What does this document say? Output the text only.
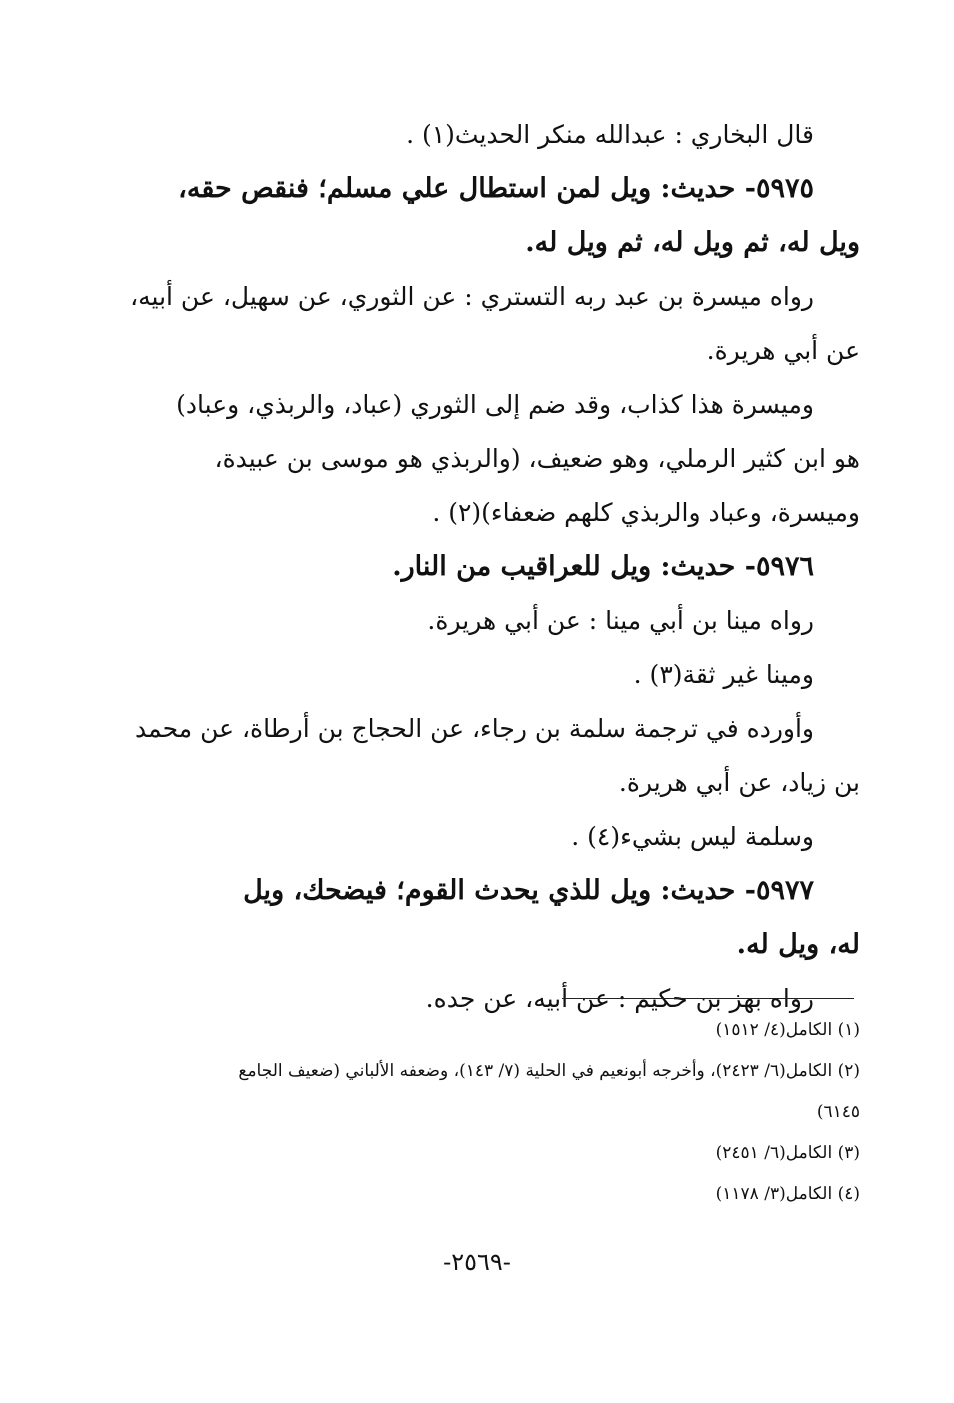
قال البخاري : عبدالله منكر الحديث(١) .
٥٩٧٥- حديث: ويل لمن استطال علي مسلم؛ فنقص حقه،
ويل له، ثم ويل له، ثم ويل له.
رواه ميسرة بن عبد ربه التستري : عن الثوري، عن سهيل، عن أبيه،
عن أبي هريرة.
وميسرة هذا كذاب، وقد ضم إلى الثوري (عباد، والربذي، وعباد)
هو ابن كثير الرملي، وهو ضعيف، (والربذي هو موسى بن عبيدة،
وميسرة، وعباد والربذي كلهم ضعفاء)(٢) .
٥٩٧٦- حديث: ويل للعراقيب من النار.
رواه مينا بن أبي مينا : عن أبي هريرة.
ومينا غير ثقة(٣) .
وأورده في ترجمة سلمة بن رجاء، عن الحجاج بن أرطاة، عن محمد
بن زياد، عن أبي هريرة.
وسلمة ليس بشيء(٤) .
٥٩٧٧- حديث: ويل للذي يحدث القوم؛ فيضحك، ويل
له، ويل له.
رواه بهز بن حكيم : عن أبيه، عن جده.
(١) الكامل(٤/ ١٥١٢)
(٢) الكامل(٦/ ٢٤٢٣)، وأخرجه أبونعيم في الحلية (٧/ ١٤٣)، وضعفه الألباني (ضعيف الجامع
٦١٤٥)
(٣) الكامل(٦/ ٢٤٥١)
(٤) الكامل(٣/ ١١٧٨)
-٢٥٦٩-
